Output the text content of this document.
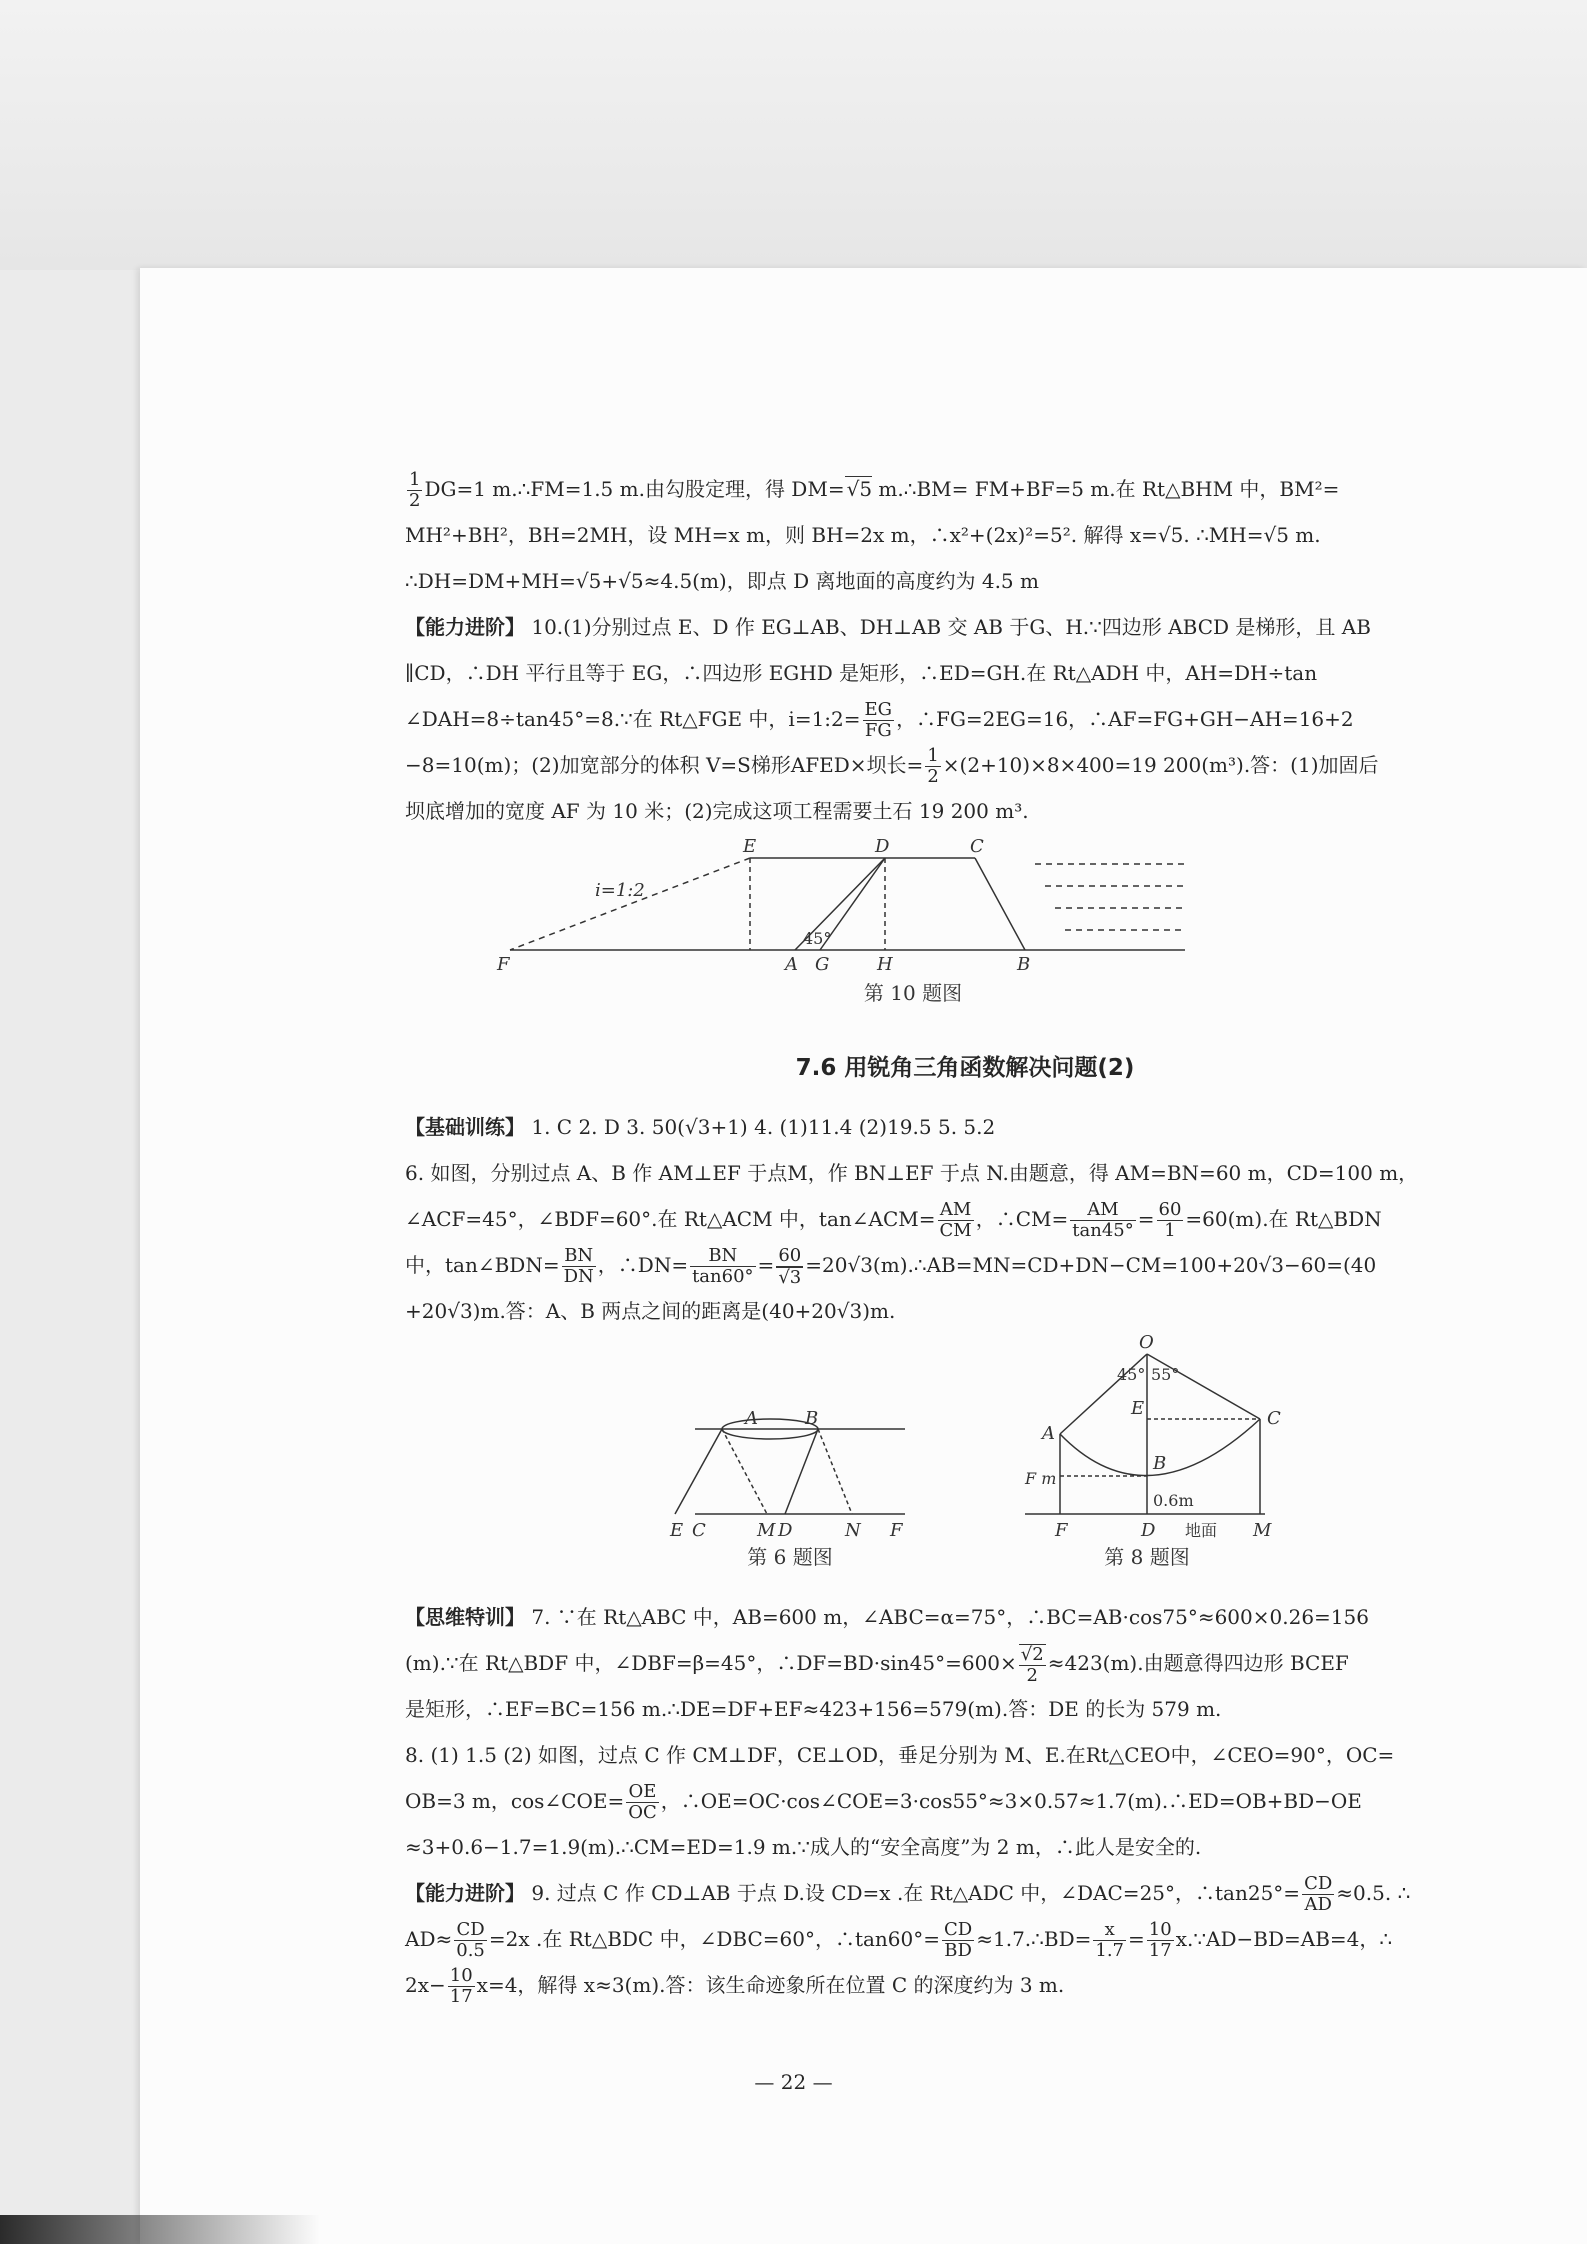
$\frac{1}{2} DG=1$ m.∴FM=1.5 m.由勾股定理，得 DM= √ 5 m.∴BM= FM+BF=5 m.在 Rt△BHM 中，BM²=

MH²+BH²，BH=2MH，设 MH=x m，则 BH=2x m，∴x²+(2x)²=5². 解得 x=√5. ∴MH=√5 m.

∴DH=DM+MH=√5+√5≈4.5(m)，即点 D 离地面的高度约为 4.5 m

【能力进阶】 10.(1)分别过点 E、D 作 EG⊥AB、DH⊥AB 交 AB 于G、H.∵四边形 ABCD 是梯形，且 AB

∥CD，∴DH 平行且等于 EG，∴四边形 EGHD 是矩形，∴ED=GH.在 Rt△ADH 中，AH=DH÷tan

∠DAH=8÷tan45°=8.∵在 Rt△FGE 中，i=1:2= $\frac{EG}{FG}$ ，∴FG=2EG=16，∴AF=FG+GH−AH=16+2

−8=10(m)；(2)加宽部分的体积 V=S梯形AFED×坝长= $\frac{1}{2} \times(2+10)\times 8\times 400=19$ 200(m³).答：(1)加固后

坝底增加的宽度 AF 为 10 米；(2)完成这项工程需要土石 19 200 m³.

E	D	C
F	A G	H	B
i=1:2
45°
第 10 题图
7.6 用锐角三角函数解决问题(2)

【基础训练】 1. C 2. D 3. 50(√3+1) 4. (1)11.4 (2)19.5 5. 5.2

6. 如图，分别过点 A、B 作 AM⊥EF 于点M，作 BN⊥EF 于点 N.由题意，得 AM=BN=60 m，CD=100 m，

∠ACF=45°，∠BDF=60°.在 Rt△ACM 中，tan∠ACM= $\frac{AM}{CM}$ ，∴CM= $\frac{AM}{\tan 45^\circ} = \frac{60}{1} =60(m)$.在 Rt△BDN

中，tan∠BDN= $\frac{BN}{DN}$ ，∴DN= $\frac{BN}{\tan 60^\circ} = 60$
√ 3 =20√3(m).∴AB=MN=CD+DN−CM=100+20√3−60=(40

+20√3)m.答：A、B 两点之间的距离是(40+20√3)m.

A	B
E C	D
M	N F
第 6 题图
O
E	C
A
B
F	D	M
F m
0.6m
地面
45° 55°
第 8 题图

【思维特训】 7. ∵在 Rt△ABC 中，AB=600 m，∠ABC=α=75°，∴BC=AB·cos75°≈600×0.26=156

(m).∵在 Rt△BDF 中，∠DBF=β=45°，∴DF=BD·sin45°=600× √ $\frac{2}{2} \approx 423(m)$.由题意得四边形 BCEF

是矩形，∴EF=BC=156 m.∴DE=DF+EF≈423+156=579(m).答：DE 的长为 579 m.

8. (1) 1.5 (2) 如图，过点 C 作 CM⊥DF，CE⊥OD，垂足分别为 M、E.在Rt△CEO中，∠CEO=90°，OC=

OB=3 m，cos∠COE= $\frac{OE}{OC}$ ，∴OE=OC·cos∠COE=3·cos55°≈3×0.57≈1.7(m).∴ED=OB+BD−OE

≈3+0.6−1.7=1.9(m).∴CM=ED=1.9 m.∵成人的“安全高度”为 2 m，∴此人是安全的.

【能力进阶】 9. 过点 C 作 CD⊥AB 于点 D.设 CD=x .在 Rt△ADC 中，∠DAC=25°，∴tan25°= $\frac{CD}{AD} \approx 0.5$. ∴

$AD\approx \frac{CD}{0.5} =2x$ .在 Rt△BDC 中，∠DBC=60°，∴tan60°= $\frac{CD}{BD}$ ≈1.7.∴BD= $\frac{x}{1.7} = \frac{10}{17}$ x.∵AD−BD=AB=4，∴

$2x- \frac{10}{17} x=4$，解得 x≈3(m).答：该生命迹象所在位置 C 的深度约为 3 m.

— 22 —
